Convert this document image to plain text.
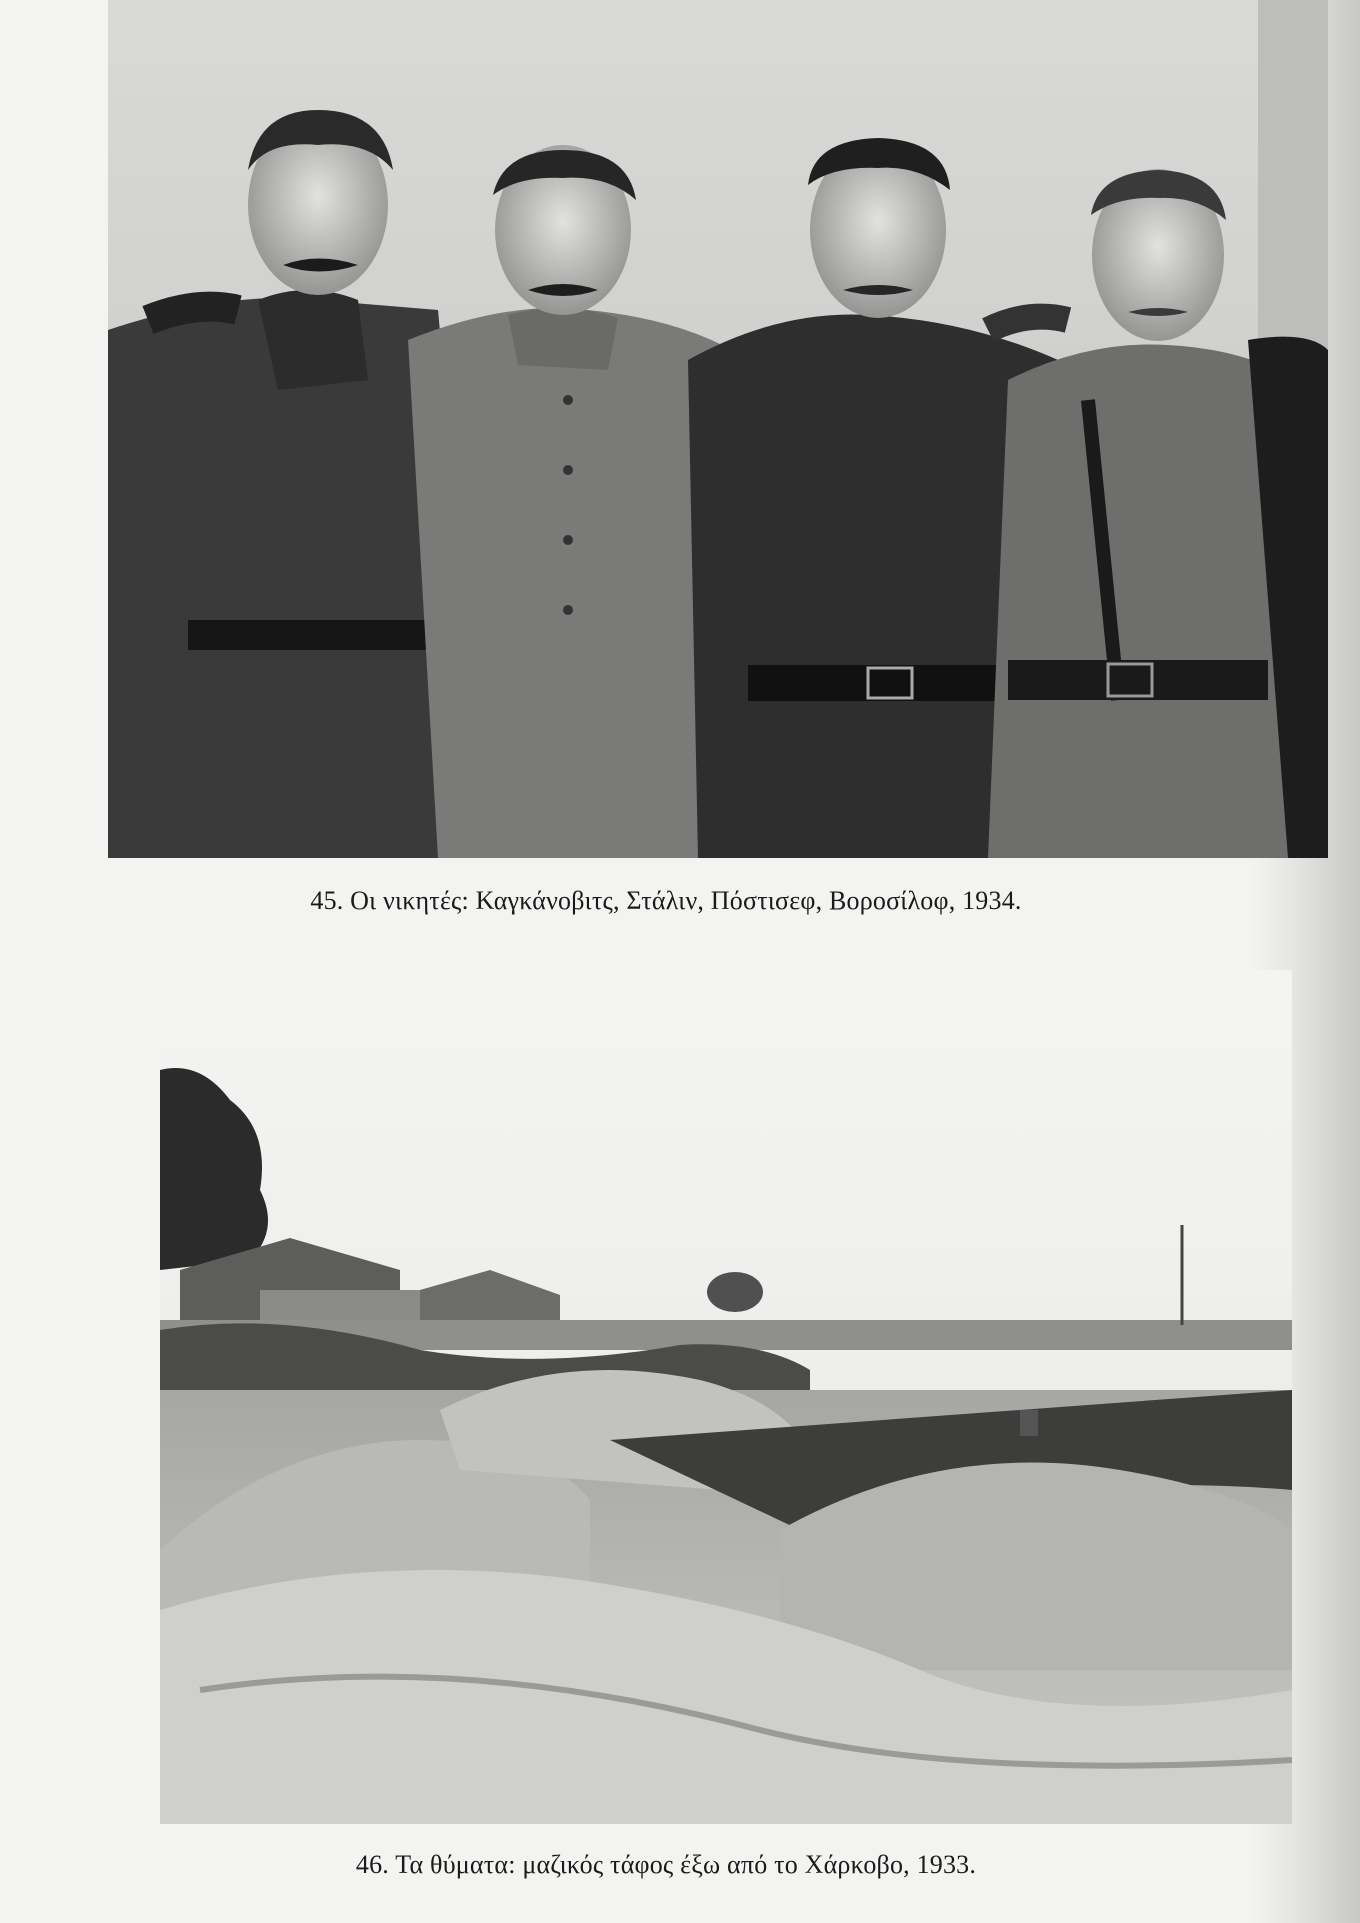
45. Οι νικητές: Καγκάνοβιτς, Στάλιν, Πόστισεφ, Βοροσίλοφ, 1934.
46. Τα θύματα: μαζικός τάφος έξω από το Χάρκοβο, 1933.
